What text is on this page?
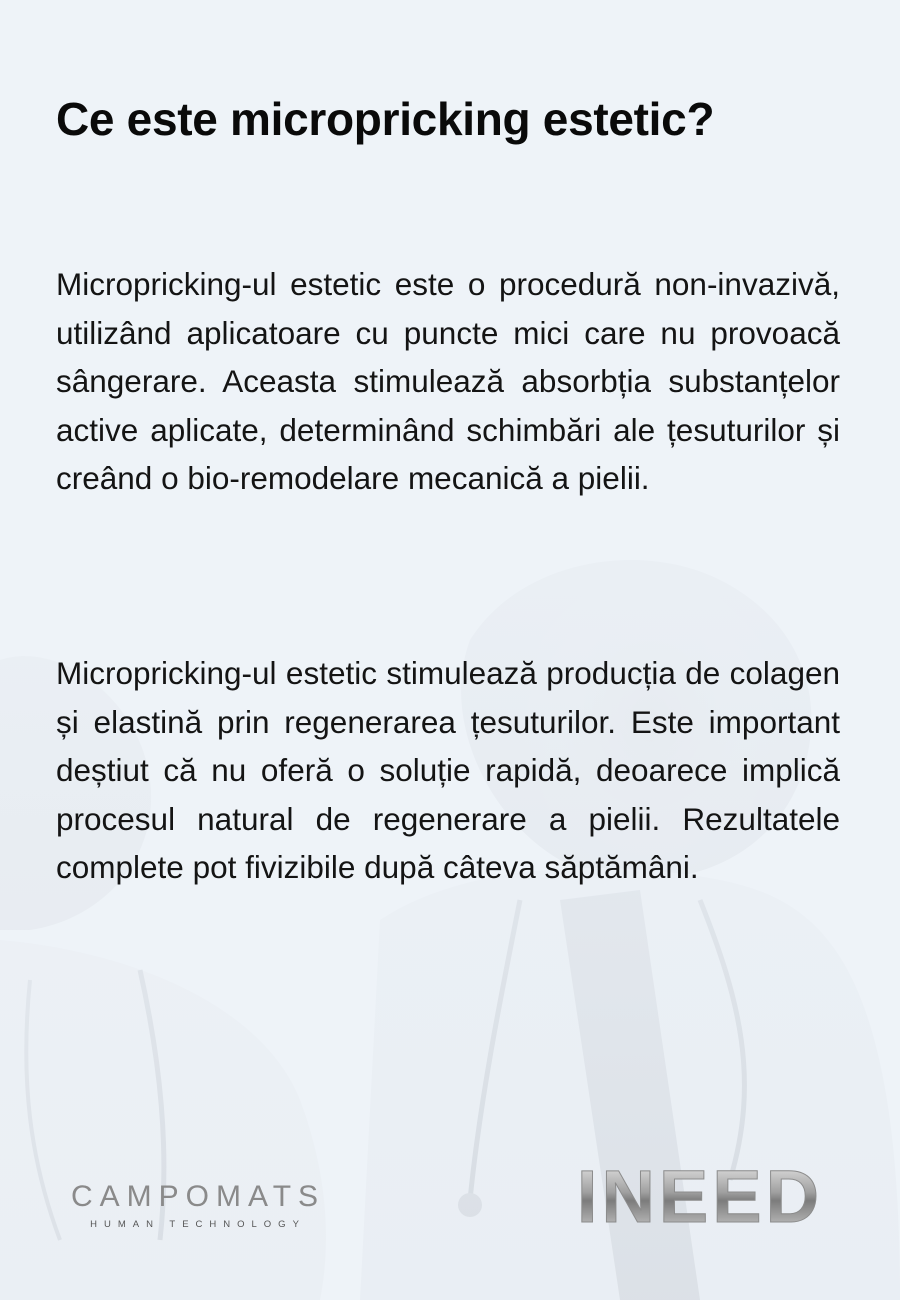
Ce este micropricking estetic?

Micropricking-ul estetic este o procedură non-invazivă, utilizând aplicatoare cu puncte mici care nu provoacă sângerare. Aceasta stimulează absorbția substanțelor active aplicate, determinând schimbări ale țesuturilor și creând o bio-remodelare mecanică a pielii.

Micropricking-ul estetic stimulează producția de colagen și elastină prin regenerarea țesuturilor. Este important deștiut că nu oferă o soluție rapidă, deoarece implică procesul natural de regenerare a pielii. Rezultatele complete pot fivizibile după câteva săptămâni.

CAMPOMATS
HUMAN TECHNOLOGY	INEED
